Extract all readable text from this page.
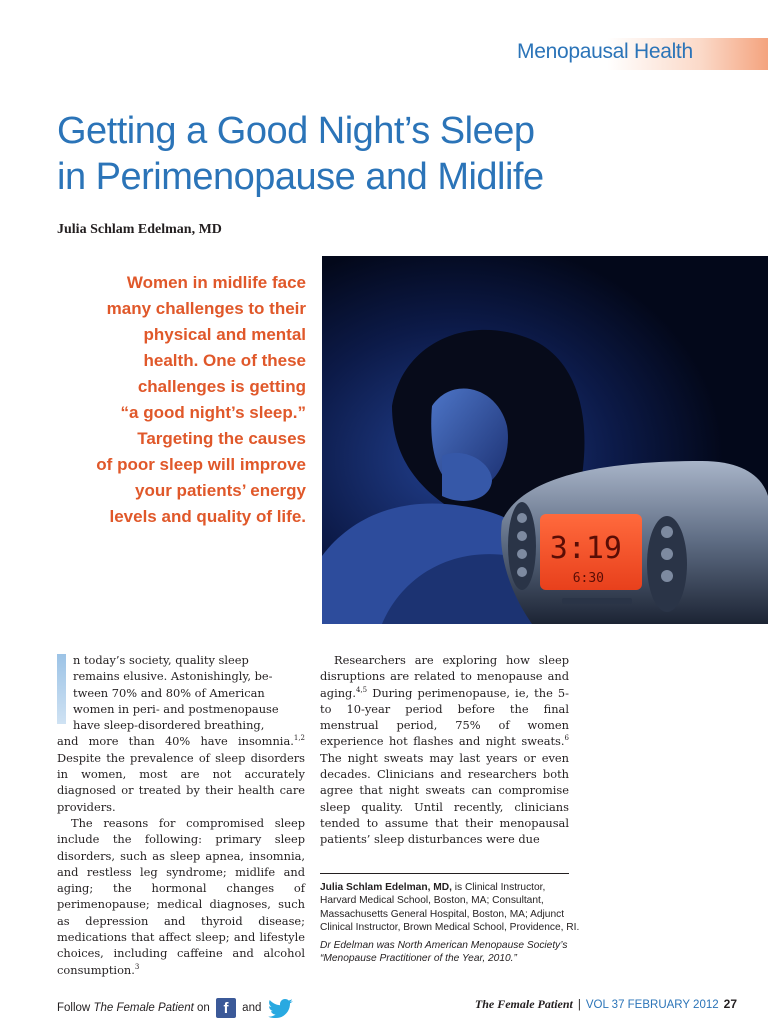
Menopausal Health
Getting a Good Night’s Sleep
in Perimenopause and Midlife
Julia Schlam Edelman, MD
Women in midlife face
many challenges to their
physical and mental
health. One of these
challenges is getting
“a good night’s sleep.”
Targeting the causes
of poor sleep will improve
your patients’ energy
levels and quality of life.
3:19
6:30
n today’s society, quality sleep
remains elusive. Astonishingly, be-
tween 70% and 80% of American
women in peri- and postmenopause
have sleep-disordered breathing,

and more than 40% have insomnia.$^{1,2}$ Despite the prevalence of sleep disorders in women, most are not accurately diagnosed or treated by their health care providers.

The reasons for compromised sleep include the following: primary sleep disorders, such as sleep apnea, insomnia, and restless leg syndrome; midlife and aging; the hormonal changes of perimenopause; medical diagnoses, such as depression and thyroid disease; medications that affect sleep; and lifestyle choices, including caffeine and alcohol consumption.$^3$

Researchers are exploring how sleep disruptions are related to menopause and aging.$^{4,5}$ During perimenopause, ie, the 5- to 10-year period before the final menstrual period, 75% of women experience hot flashes and night sweats.$^6$ The night sweats may last years or even decades. Clinicians and researchers both agree that night sweats can compromise sleep quality. Until recently, clinicians tended to assume that their menopausal patients’ sleep disturbances were due

Julia Schlam Edelman, MD, is Clinical Instructor, Harvard Medical School, Boston, MA; Consultant, Massachusetts General Hospital, Boston, MA; Adjunct Clinical Instructor, Brown Medical School, Providence, RI.
Dr Edelman was North American Menopause Society’s “Menopause Practitioner of the Year, 2010.”
Follow The Female Patient on f and	The Female Patient | VOL 37 FEBRUARY 2012 27
